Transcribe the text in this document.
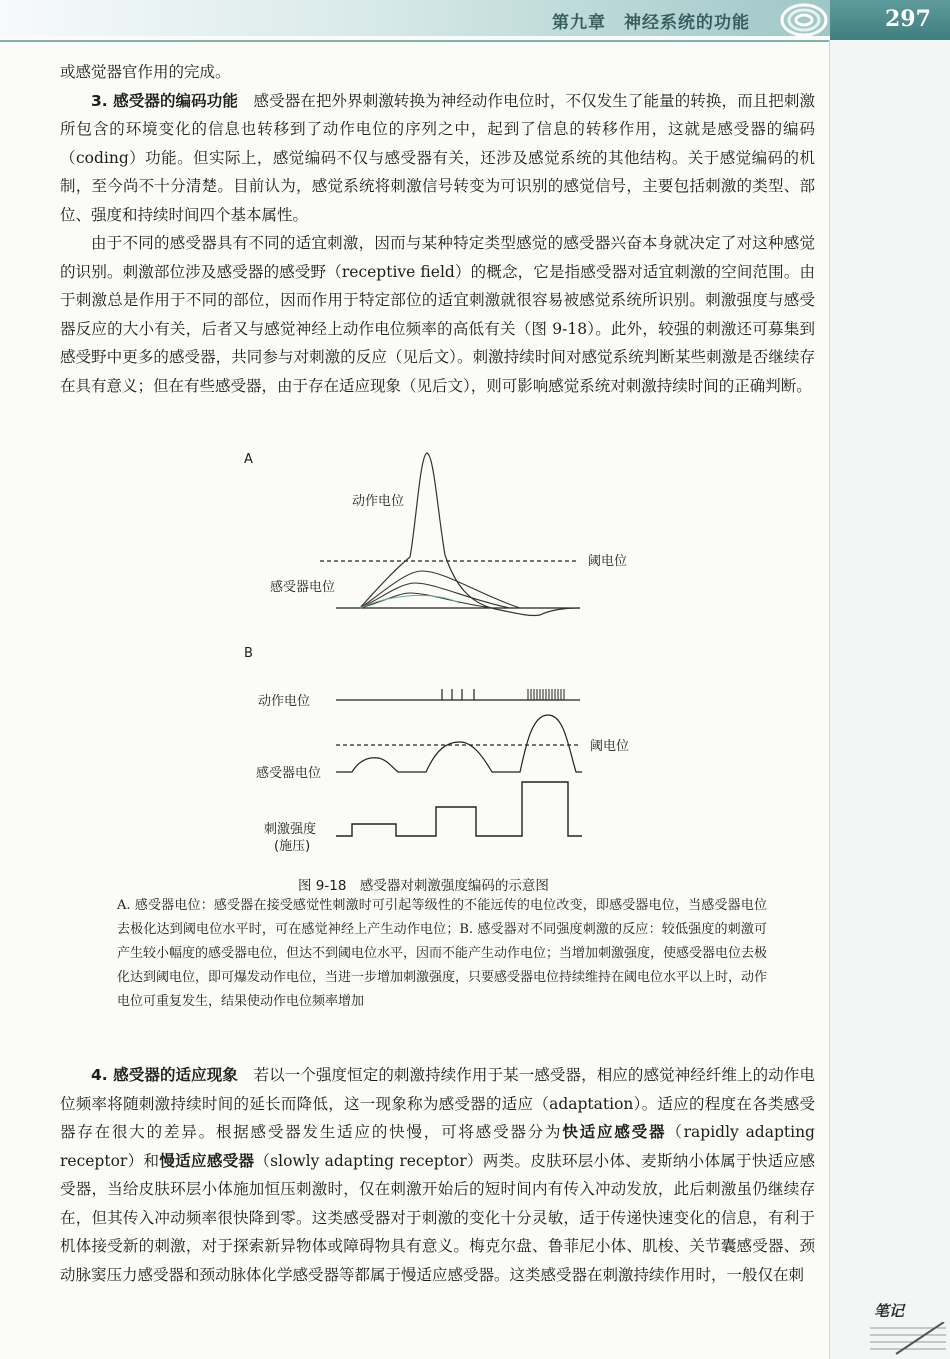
第九章　神经系统的功能	297

或感觉器官作用的完成。

3. 感受器的编码功能　感受器在把外界刺激转换为神经动作电位时，不仅发生了能量的转换，而且把刺激所包含的环境变化的信息也转移到了动作电位的序列之中，起到了信息的转移作用，这就是感受器的编码（coding）功能。但实际上，感觉编码不仅与感受器有关，还涉及感觉系统的其他结构。关于感觉编码的机制，至今尚不十分清楚。目前认为，感觉系统将刺激信号转变为可识别的感觉信号，主要包括刺激的类型、部位、强度和持续时间四个基本属性。

由于不同的感受器具有不同的适宜刺激，因而与某种特定类型感觉的感受器兴奋本身就决定了对这种感觉的识别。刺激部位涉及感受器的感受野（receptive field）的概念，它是指感受器对适宜刺激的空间范围。由于刺激总是作用于不同的部位，因而作用于特定部位的适宜刺激就很容易被感觉系统所识别。刺激强度与感受器反应的大小有关，后者又与感觉神经上动作电位频率的高低有关（图 9-18）。此外，较强的刺激还可募集到感受野中更多的感受器，共同参与对刺激的反应（见后文）。刺激持续时间对感觉系统判断某些刺激是否继续存在具有意义；但在有些感受器，由于存在适应现象（见后文），则可影响感觉系统对刺激持续时间的正确判断。

A
动作电位
阈电位
感受器电位
B
动作电位
阈电位
感受器电位
刺激强度
(施压)
图 9-18　感受器对刺激强度编码的示意图

A. 感受器电位：感受器在接受感觉性刺激时可引起等级性的不能远传的电位改变，即感受器电位，当感受器电位去极化达到阈电位水平时，可在感觉神经上产生动作电位；B. 感受器对不同强度刺激的反应：较低强度的刺激可产生较小幅度的感受器电位，但达不到阈电位水平，因而不能产生动作电位；当增加刺激强度，使感受器电位去极化达到阈电位，即可爆发动作电位，当进一步增加刺激强度，只要感受器电位持续维持在阈电位水平以上时，动作电位可重复发生，结果使动作电位频率增加

4. 感受器的适应现象　若以一个强度恒定的刺激持续作用于某一感受器，相应的感觉神经纤维上的动作电位频率将随刺激持续时间的延长而降低，这一现象称为感受器的适应（adaptation）。适应的程度在各类感受器存在很大的差异。根据感受器发生适应的快慢，可将感受器分为快适应感受器（rapidly adapting receptor）和慢适应感受器（slowly adapting receptor）两类。皮肤环层小体、麦斯纳小体属于快适应感受器，当给皮肤环层小体施加恒压刺激时，仅在刺激开始后的短时间内有传入冲动发放，此后刺激虽仍继续存在，但其传入冲动频率很快降到零。这类感受器对于刺激的变化十分灵敏，适于传递快速变化的信息，有利于机体接受新的刺激，对于探索新异物体或障碍物具有意义。梅克尔盘、鲁菲尼小体、肌梭、关节囊感受器、颈动脉窦压力感受器和颈动脉体化学感受器等都属于慢适应感受器。这类感受器在刺激持续作用时，一般仅在刺

笔记
